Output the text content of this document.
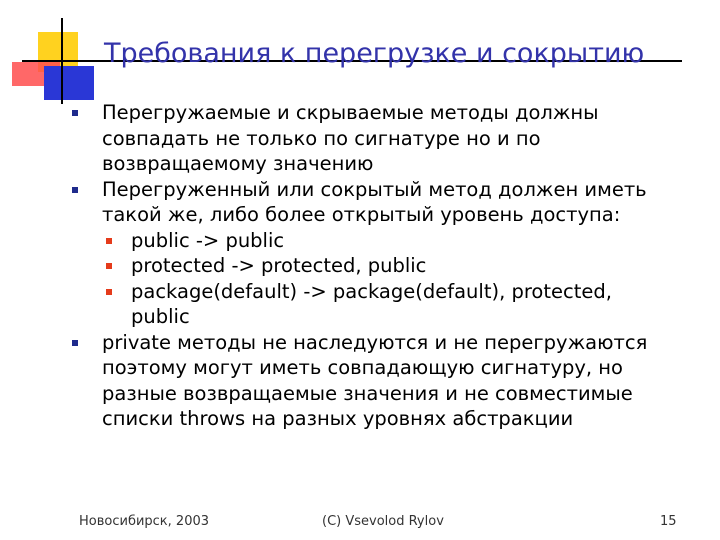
Требования к перегрузке и сокрытию
Перегружаемые и скрываемые методы должны совпадать не только по сигнатуре но и по возвращаемому значению
Перегруженный или сокрытый метод должен иметь такой же, либо более открытый уровень доступа:
public -> public
protected -> protected, public
package(default) -> package(default), protected, public
private методы не наследуются и не перегружаются поэтому могут иметь совпадающую сигнатуру, но разные возвращаемые значения и не совместимые списки throws на разных уровнях абстракции
Новосибирск, 2003	(C) Vsevolod Rylov	15
